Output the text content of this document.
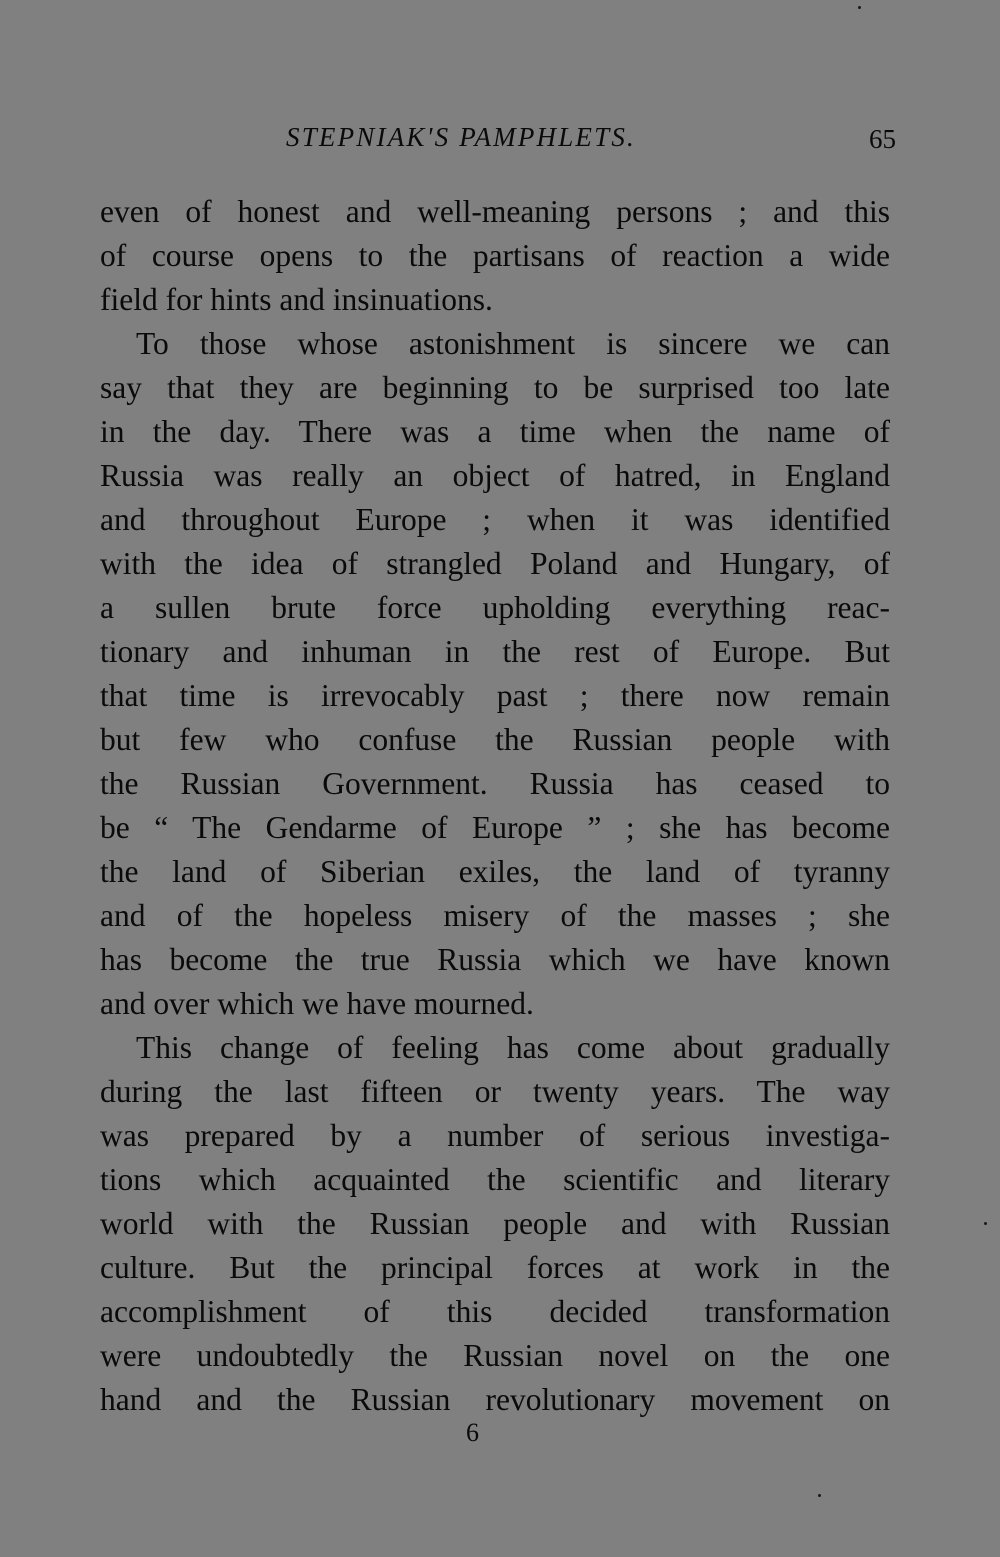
STEPNIAK'S PAMPHLETS.	65
even of honest and well-meaning persons ; and this
of course opens to the partisans of reaction a wide
field for hints and insinuations.
To those whose astonishment is sincere we can
say that they are beginning to be surprised too late
in the day. There was a time when the name of
Russia was really an object of hatred, in England
and throughout Europe ; when it was identified
with the idea of strangled Poland and Hungary, of
a sullen brute force upholding everything reac-
tionary and inhuman in the rest of Europe. But
that time is irrevocably past ; there now remain
but few who confuse the Russian people with
the Russian Government. Russia has ceased to
be “ The Gendarme of Europe ” ; she has become
the land of Siberian exiles, the land of tyranny
and of the hopeless misery of the masses ; she
has become the true Russia which we have known
and over which we have mourned.
This change of feeling has come about gradually
during the last fifteen or twenty years. The way
was prepared by a number of serious investiga-
tions which acquainted the scientific and literary
world with the Russian people and with Russian
culture. But the principal forces at work in the
accomplishment of this decided transformation
were undoubtedly the Russian novel on the one
hand and the Russian revolutionary movement on
6
